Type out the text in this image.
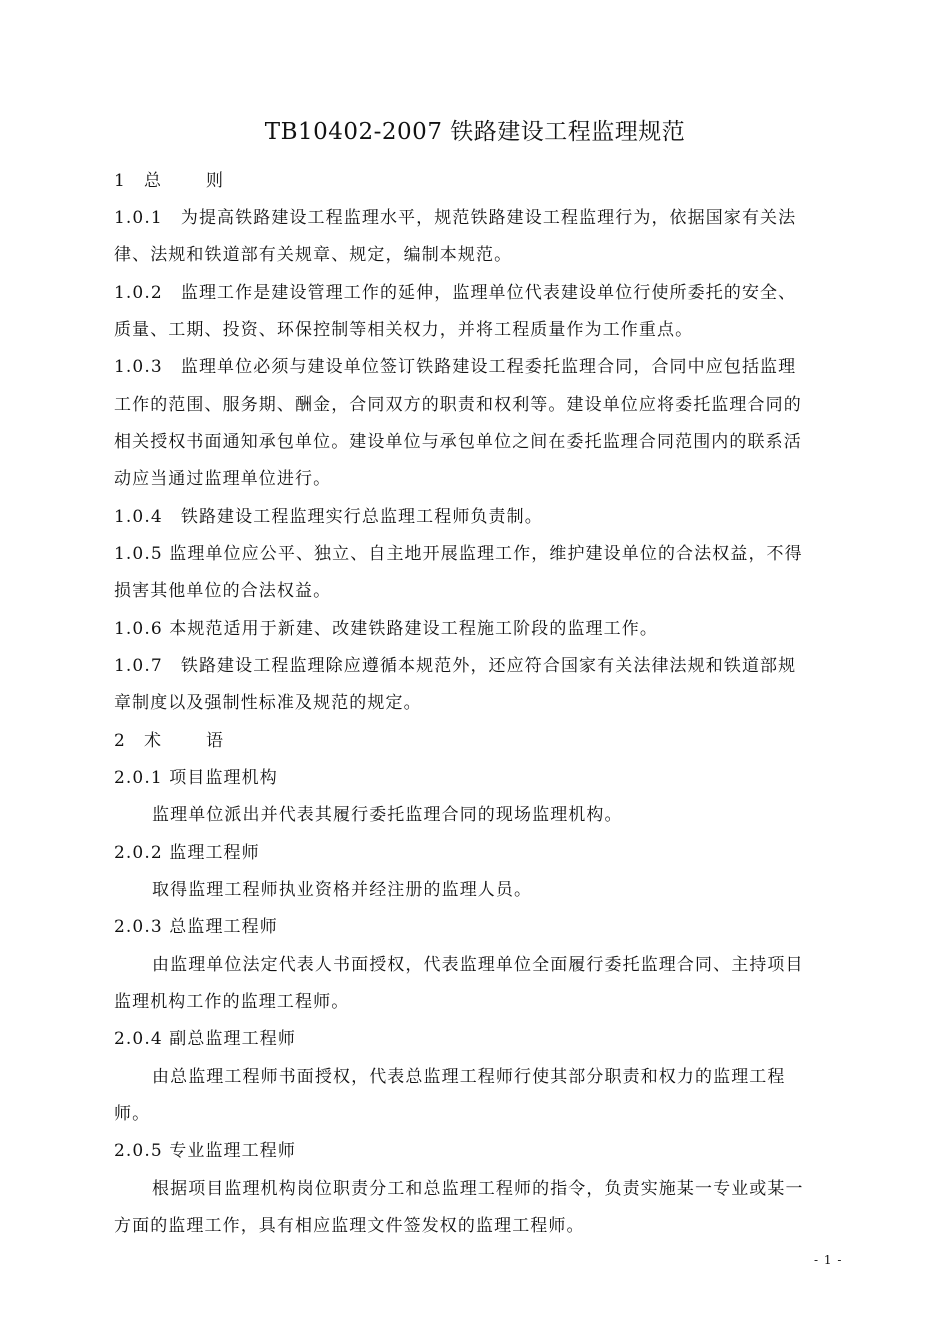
TB10402-2007 铁路建设工程监理规范
1 总	则
1.0.1　为提高铁路建设工程监理水平，规范铁路建设工程监理行为，依据国家有关法
律、法规和铁道部有关规章、规定，编制本规范。
1.0.2　监理工作是建设管理工作的延伸，监理单位代表建设单位行使所委托的安全、
质量、工期、投资、环保控制等相关权力，并将工程质量作为工作重点。
1.0.3　监理单位必须与建设单位签订铁路建设工程委托监理合同，合同中应包括监理
工作的范围、服务期、酬金，合同双方的职责和权利等。建设单位应将委托监理合同的
相关授权书面通知承包单位。建设单位与承包单位之间在委托监理合同范围内的联系活
动应当通过监理单位进行。
1.0.4　铁路建设工程监理实行总监理工程师负责制。
1.0.5 监理单位应公平、独立、自主地开展监理工作，维护建设单位的合法权益，不得
损害其他单位的合法权益。
1.0.6 本规范适用于新建、改建铁路建设工程施工阶段的监理工作。
1.0.7　铁路建设工程监理除应遵循本规范外，还应符合国家有关法律法规和铁道部规
章制度以及强制性标准及规范的规定。
2 术	语
2.0.1 项目监理机构
监理单位派出并代表其履行委托监理合同的现场监理机构。
2.0.2 监理工程师
取得监理工程师执业资格并经注册的监理人员。
2.0.3 总监理工程师
由监理单位法定代表人书面授权，代表监理单位全面履行委托监理合同、主持项目
监理机构工作的监理工程师。
2.0.4 副总监理工程师
由总监理工程师书面授权，代表总监理工程师行使其部分职责和权力的监理工程
师。
2.0.5 专业监理工程师
根据项目监理机构岗位职责分工和总监理工程师的指令，负责实施某一专业或某一
方面的监理工作，具有相应监理文件签发权的监理工程师。
- 1 -
